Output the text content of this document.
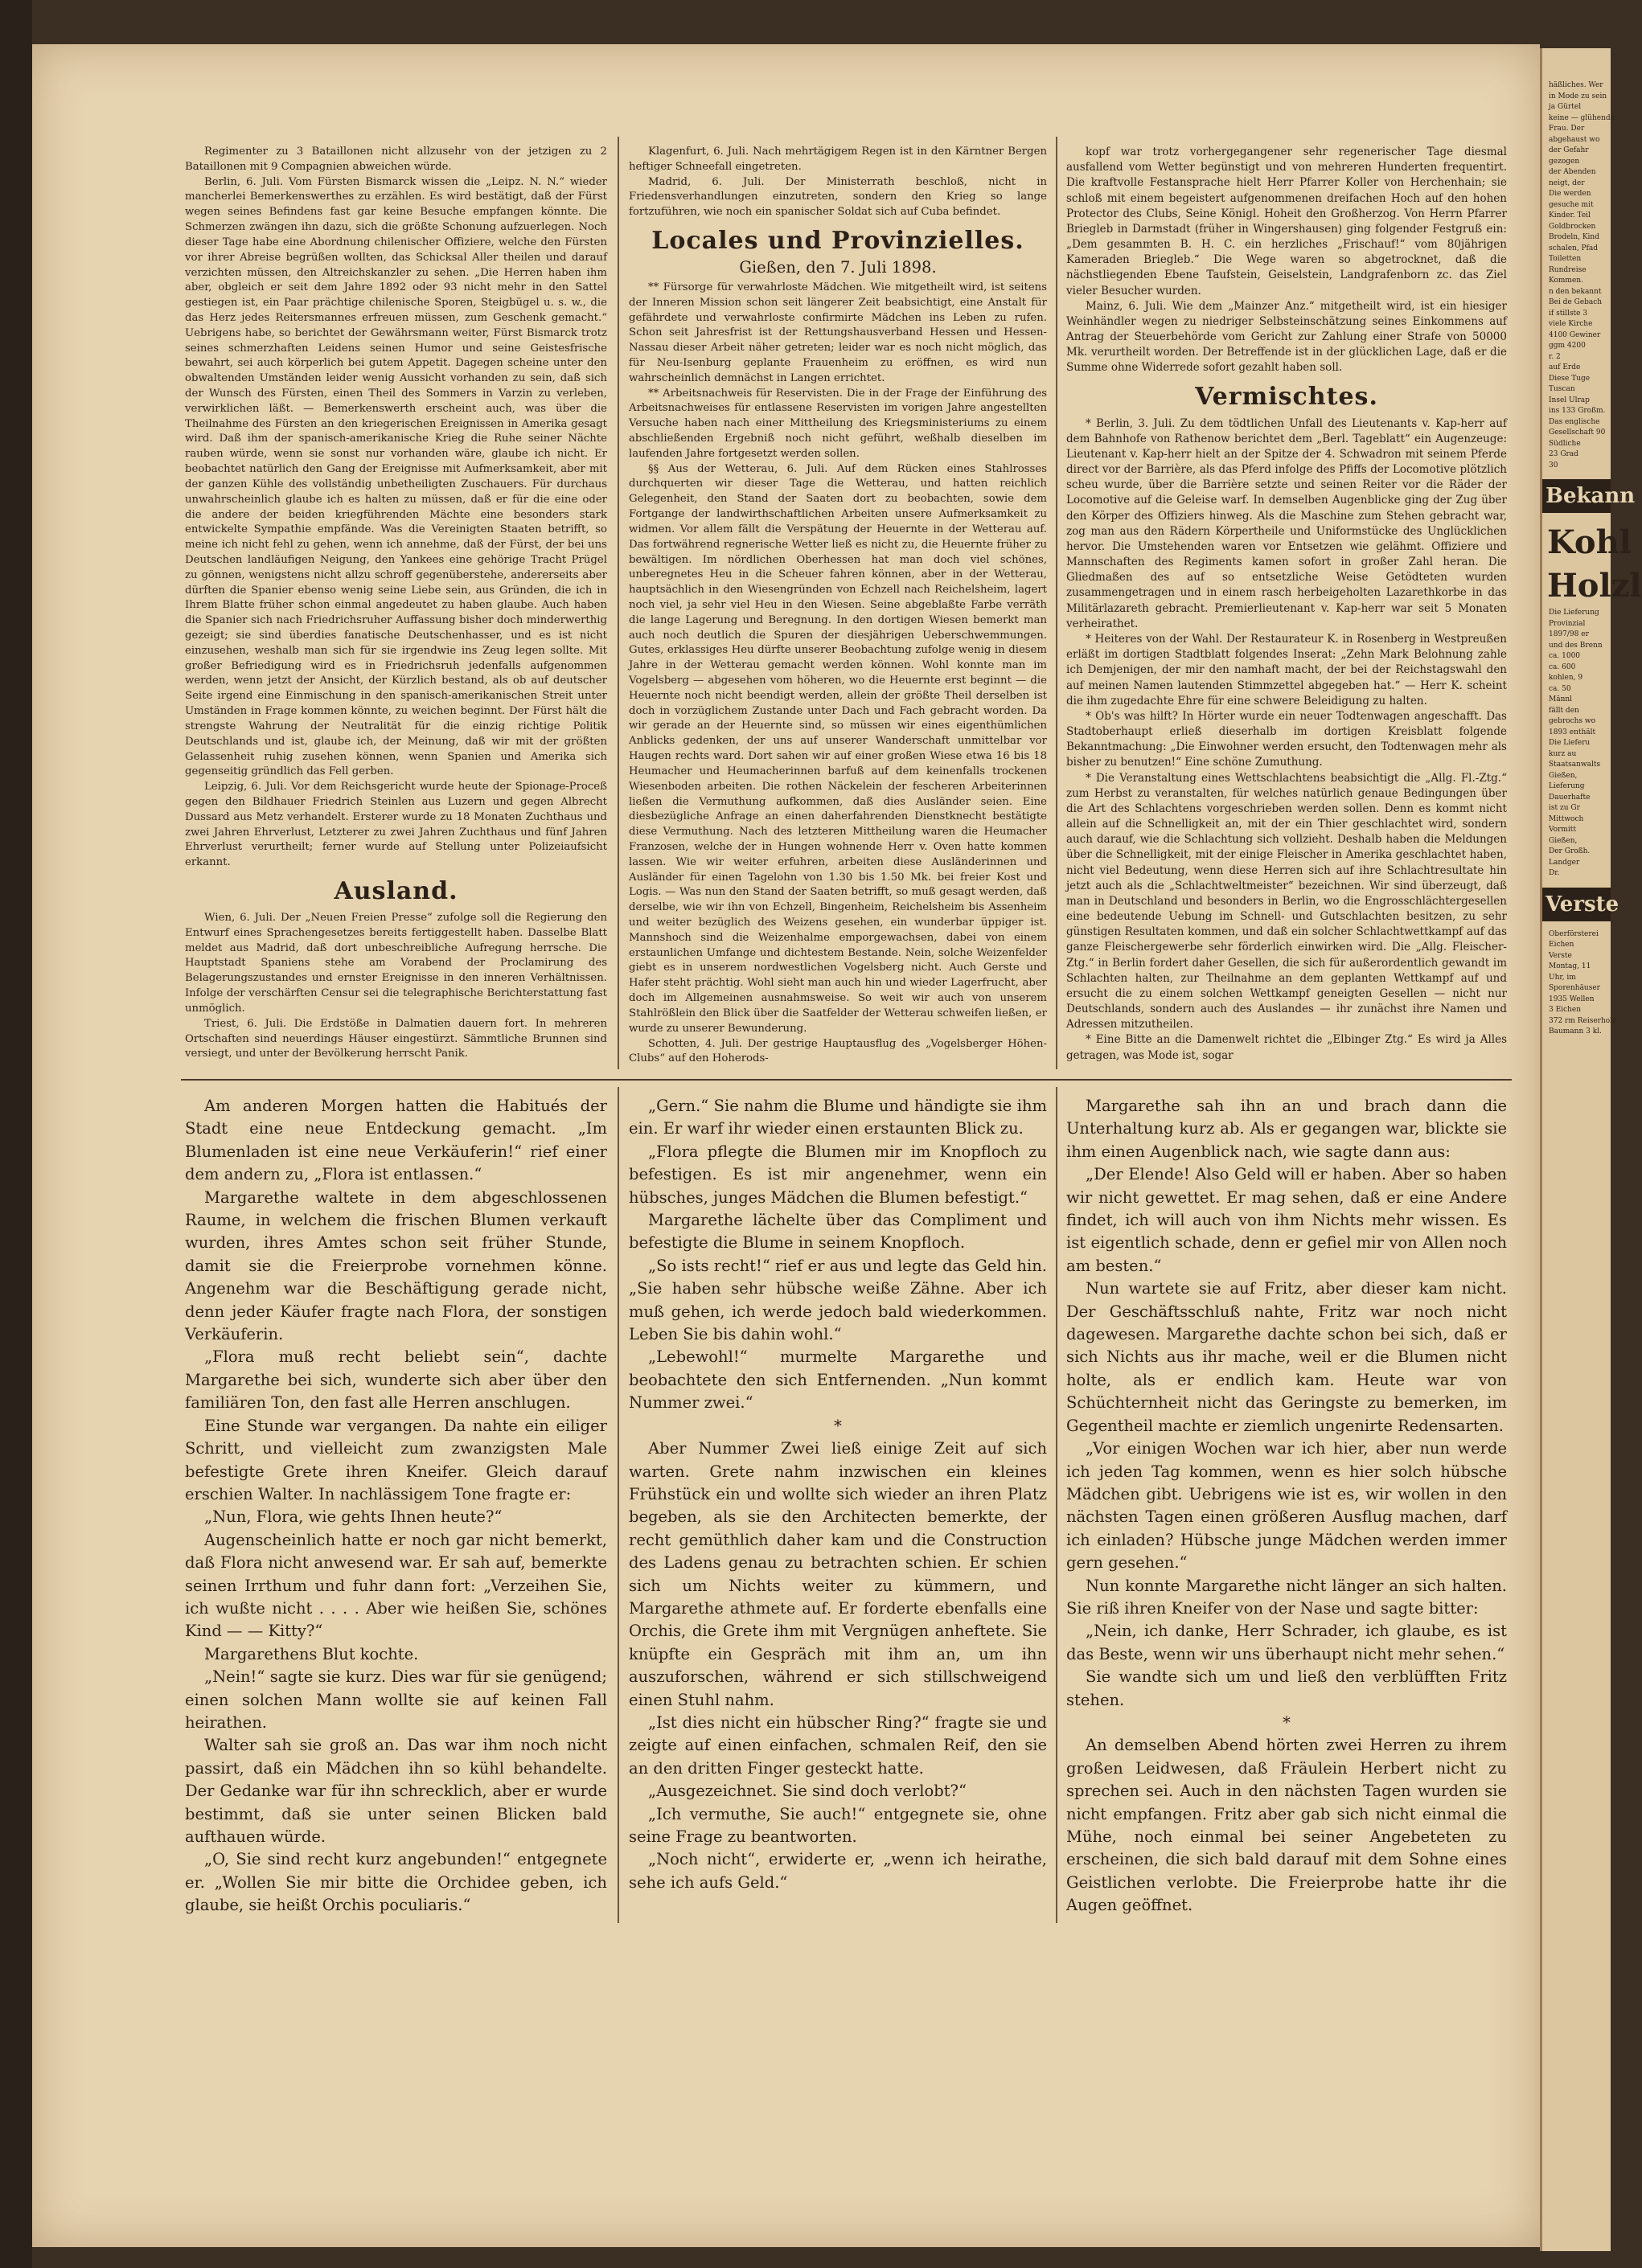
Regimenter zu 3 Bataillonen nicht allzusehr von der jetzigen zu 2 Bataillonen mit 9 Compagnien abweichen würde.

Berlin, 6. Juli. Vom Fürsten Bismarck wissen die „Leipz. N. N.“ wieder mancherlei Bemerkenswerthes zu erzählen. Es wird bestätigt, daß der Fürst wegen seines Befindens fast gar keine Besuche empfangen könnte. Die Schmerzen zwängen ihn dazu, sich die größte Schonung aufzuerlegen. Noch dieser Tage habe eine Abordnung chilenischer Offiziere, welche den Fürsten vor ihrer Abreise begrüßen wollten, das Schicksal Aller theilen und darauf verzichten müssen, den Altreichskanzler zu sehen. „Die Herren haben ihm aber, obgleich er seit dem Jahre 1892 oder 93 nicht mehr in den Sattel gestiegen ist, ein Paar prächtige chilenische Sporen, Steigbügel u. s. w., die das Herz jedes Reitersmannes erfreuen müssen, zum Geschenk gemacht.“ Uebrigens habe, so berichtet der Gewährsmann weiter, Fürst Bismarck trotz seines schmerzhaften Leidens seinen Humor und seine Geistesfrische bewahrt, sei auch körperlich bei gutem Appetit. Dagegen scheine unter den obwaltenden Umständen leider wenig Aussicht vorhanden zu sein, daß sich der Wunsch des Fürsten, einen Theil des Sommers in Varzin zu verleben, verwirklichen läßt. — Bemerkenswerth erscheint auch, was über die Theilnahme des Fürsten an den kriegerischen Ereignissen in Amerika gesagt wird. Daß ihm der spanisch-amerikanische Krieg die Ruhe seiner Nächte rauben würde, wenn sie sonst nur vorhanden wäre, glaube ich nicht. Er beobachtet natürlich den Gang der Ereignisse mit Aufmerksamkeit, aber mit der ganzen Kühle des vollständig unbetheiligten Zuschauers. Für durchaus unwahrscheinlich glaube ich es halten zu müssen, daß er für die eine oder die andere der beiden kriegführenden Mächte eine besonders stark entwickelte Sympathie empfände. Was die Vereinigten Staaten betrifft, so meine ich nicht fehl zu gehen, wenn ich annehme, daß der Fürst, der bei uns Deutschen landläufigen Neigung, den Yankees eine gehörige Tracht Prügel zu gönnen, wenigstens nicht allzu schroff gegenüberstehe, andererseits aber dürften die Spanier ebenso wenig seine Liebe sein, aus Gründen, die ich in Ihrem Blatte früher schon einmal angedeutet zu haben glaube. Auch haben die Spanier sich nach Friedrichsruher Auffassung bisher doch minderwerthig gezeigt; sie sind überdies fanatische Deutschenhasser, und es ist nicht einzusehen, weshalb man sich für sie irgendwie ins Zeug legen sollte. Mit großer Befriedigung wird es in Friedrichsruh jedenfalls aufgenommen werden, wenn jetzt der Ansicht, der Kürzlich bestand, als ob auf deutscher Seite irgend eine Einmischung in den spanisch-amerikanischen Streit unter Umständen in Frage kommen könnte, zu weichen beginnt. Der Fürst hält die strengste Wahrung der Neutralität für die einzig richtige Politik Deutschlands und ist, glaube ich, der Meinung, daß wir mit der größten Gelassenheit ruhig zusehen können, wenn Spanien und Amerika sich gegenseitig gründlich das Fell gerben.

Leipzig, 6. Juli. Vor dem Reichsgericht wurde heute der Spionage-Proceß gegen den Bildhauer Friedrich Steinlen aus Luzern und gegen Albrecht Dussard aus Metz verhandelt. Ersterer wurde zu 18 Monaten Zuchthaus und zwei Jahren Ehrverlust, Letzterer zu zwei Jahren Zuchthaus und fünf Jahren Ehrverlust verurtheilt; ferner wurde auf Stellung unter Polizeiaufsicht erkannt.

Ausland.

Wien, 6. Juli. Der „Neuen Freien Presse“ zufolge soll die Regierung den Entwurf eines Sprachengesetzes bereits fertiggestellt haben. Dasselbe Blatt meldet aus Madrid, daß dort unbeschreibliche Aufregung herrsche. Die Hauptstadt Spaniens stehe am Vorabend der Proclamirung des Belagerungszustandes und ernster Ereignisse in den inneren Verhältnissen. Infolge der verschärften Censur sei die telegraphische Berichterstattung fast unmöglich.

Triest, 6. Juli. Die Erdstöße in Dalmatien dauern fort. In mehreren Ortschaften sind neuerdings Häuser eingestürzt. Sämmtliche Brunnen sind versiegt, und unter der Bevölkerung herrscht Panik.

Klagenfurt, 6. Juli. Nach mehrtägigem Regen ist in den Kärntner Bergen heftiger Schneefall eingetreten.

Madrid, 6. Juli. Der Ministerrath beschloß, nicht in Friedensverhandlungen einzutreten, sondern den Krieg so lange fortzuführen, wie noch ein spanischer Soldat sich auf Cuba befindet.

Locales und Provinzielles.
Gießen, den 7. Juli 1898.

** Fürsorge für verwahrloste Mädchen. Wie mitgetheilt wird, ist seitens der Inneren Mission schon seit längerer Zeit beabsichtigt, eine Anstalt für gefährdete und verwahrloste confirmirte Mädchen ins Leben zu rufen. Schon seit Jahresfrist ist der Rettungshausverband Hessen und Hessen-Nassau dieser Arbeit näher getreten; leider war es noch nicht möglich, das für Neu-Isenburg geplante Frauenheim zu eröffnen, es wird nun wahrscheinlich demnächst in Langen errichtet.

** Arbeitsnachweis für Reservisten. Die in der Frage der Einführung des Arbeitsnachweises für entlassene Reservisten im vorigen Jahre angestellten Versuche haben nach einer Mittheilung des Kriegsministeriums zu einem abschließenden Ergebniß noch nicht geführt, weßhalb dieselben im laufenden Jahre fortgesetzt werden sollen.

§§ Aus der Wetterau, 6. Juli. Auf dem Rücken eines Stahlrosses durchquerten wir dieser Tage die Wetterau, und hatten reichlich Gelegenheit, den Stand der Saaten dort zu beobachten, sowie dem Fortgange der landwirthschaftlichen Arbeiten unsere Aufmerksamkeit zu widmen. Vor allem fällt die Verspätung der Heuernte in der Wetterau auf. Das fortwährend regnerische Wetter ließ es nicht zu, die Heuernte früher zu bewältigen. Im nördlichen Oberhessen hat man doch viel schönes, unberegnetes Heu in die Scheuer fahren können, aber in der Wetterau, hauptsächlich in den Wiesengründen von Echzell nach Reichelsheim, lagert noch viel, ja sehr viel Heu in den Wiesen. Seine abgeblaßte Farbe verräth die lange Lagerung und Beregnung. In den dortigen Wiesen bemerkt man auch noch deutlich die Spuren der diesjährigen Ueberschwemmungen. Gutes, erklassiges Heu dürfte unserer Beobachtung zufolge wenig in diesem Jahre in der Wetterau gemacht werden können. Wohl konnte man im Vogelsberg — abgesehen vom höheren, wo die Heuernte erst beginnt — die Heuernte noch nicht beendigt werden, allein der größte Theil derselben ist doch in vorzüglichem Zustande unter Dach und Fach gebracht worden. Da wir gerade an der Heuernte sind, so müssen wir eines eigenthümlichen Anblicks gedenken, der uns auf unserer Wanderschaft unmittelbar vor Haugen rechts ward. Dort sahen wir auf einer großen Wiese etwa 16 bis 18 Heumacher und Heumacherinnen barfuß auf dem keinenfalls trockenen Wiesenboden arbeiten. Die rothen Näckelein der fescheren Arbeiterinnen ließen die Vermuthung aufkommen, daß dies Ausländer seien. Eine diesbezügliche Anfrage an einen daherfahrenden Dienstknecht bestätigte diese Vermuthung. Nach des letzteren Mittheilung waren die Heumacher Franzosen, welche der in Hungen wohnende Herr v. Oven hatte kommen lassen. Wie wir weiter erfuhren, arbeiten diese Ausländerinnen und Ausländer für einen Tagelohn von 1.30 bis 1.50 Mk. bei freier Kost und Logis. — Was nun den Stand der Saaten betrifft, so muß gesagt werden, daß derselbe, wie wir ihn von Echzell, Bingenheim, Reichelsheim bis Assenheim und weiter bezüglich des Weizens gesehen, ein wunderbar üppiger ist. Mannshoch sind die Weizenhalme emporgewachsen, dabei von einem erstaunlichen Umfange und dichtestem Bestande. Nein, solche Weizenfelder giebt es in unserem nordwestlichen Vogelsberg nicht. Auch Gerste und Hafer steht prächtig. Wohl sieht man auch hin und wieder Lagerfrucht, aber doch im Allgemeinen ausnahmsweise. So weit wir auch von unserem Stahlrößlein den Blick über die Saatfelder der Wetterau schweifen ließen, er wurde zu unserer Bewunderung.

Schotten, 4. Juli. Der gestrige Hauptausflug des „Vogelsberger Höhen-Clubs“ auf den Hoherods-

kopf war trotz vorhergegangener sehr regenerischer Tage diesmal ausfallend vom Wetter begünstigt und von mehreren Hunderten frequentirt. Die kraftvolle Festansprache hielt Herr Pfarrer Koller von Herchenhain; sie schloß mit einem begeistert aufgenommenen dreifachen Hoch auf den hohen Protector des Clubs, Seine Königl. Hoheit den Großherzog. Von Herrn Pfarrer Briegleb in Darmstadt (früher in Wingershausen) ging folgender Festgruß ein: „Dem gesammten B. H. C. ein herzliches „Frischauf!“ vom 80jährigen Kameraden Briegleb.“ Die Wege waren so abgetrocknet, daß die nächstliegenden Ebene Taufstein, Geiselstein, Landgrafenborn zc. das Ziel vieler Besucher wurden.

Mainz, 6. Juli. Wie dem „Mainzer Anz.“ mitgetheilt wird, ist ein hiesiger Weinhändler wegen zu niedriger Selbsteinschätzung seines Einkommens auf Antrag der Steuerbehörde vom Gericht zur Zahlung einer Strafe von 50000 Mk. verurtheilt worden. Der Betreffende ist in der glücklichen Lage, daß er die Summe ohne Widerrede sofort gezahlt haben soll.

Vermischtes.

* Berlin, 3. Juli. Zu dem tödtlichen Unfall des Lieutenants v. Kap-herr auf dem Bahnhofe von Rathenow berichtet dem „Berl. Tageblatt“ ein Augenzeuge: Lieutenant v. Kap-herr hielt an der Spitze der 4. Schwadron mit seinem Pferde direct vor der Barrière, als das Pferd infolge des Pfiffs der Locomotive plötzlich scheu wurde, über die Barrière setzte und seinen Reiter vor die Räder der Locomotive auf die Geleise warf. In demselben Augenblicke ging der Zug über den Körper des Offiziers hinweg. Als die Maschine zum Stehen gebracht war, zog man aus den Rädern Körpertheile und Uniformstücke des Unglücklichen hervor. Die Umstehenden waren vor Entsetzen wie gelähmt. Offiziere und Mannschaften des Regiments kamen sofort in großer Zahl heran. Die Gliedmaßen des auf so entsetzliche Weise Getödteten wurden zusammengetragen und in einem rasch herbeigeholten Lazarethkorbe in das Militärlazareth gebracht. Premierlieutenant v. Kap-herr war seit 5 Monaten verheirathet.

* Heiteres von der Wahl. Der Restaurateur K. in Rosenberg in Westpreußen erläßt im dortigen Stadtblatt folgendes Inserat: „Zehn Mark Belohnung zahle ich Demjenigen, der mir den namhaft macht, der bei der Reichstagswahl den auf meinen Namen lautenden Stimmzettel abgegeben hat.“ — Herr K. scheint die ihm zugedachte Ehre für eine schwere Beleidigung zu halten.

* Ob's was hilft? In Hörter wurde ein neuer Todtenwagen angeschafft. Das Stadtoberhaupt erließ dieserhalb im dortigen Kreisblatt folgende Bekanntmachung: „Die Einwohner werden ersucht, den Todtenwagen mehr als bisher zu benutzen!“ Eine schöne Zumuthung.

* Die Veranstaltung eines Wettschlachtens beabsichtigt die „Allg. Fl.-Ztg.“ zum Herbst zu veranstalten, für welches natürlich genaue Bedingungen über die Art des Schlachtens vorgeschrieben werden sollen. Denn es kommt nicht allein auf die Schnelligkeit an, mit der ein Thier geschlachtet wird, sondern auch darauf, wie die Schlachtung sich vollzieht. Deshalb haben die Meldungen über die Schnelligkeit, mit der einige Fleischer in Amerika geschlachtet haben, nicht viel Bedeutung, wenn diese Herren sich auf ihre Schlachtresultate hin jetzt auch als die „Schlachtweltmeister“ bezeichnen. Wir sind überzeugt, daß man in Deutschland und besonders in Berlin, wo die Engrosschlächtergesellen eine bedeutende Uebung im Schnell- und Gutschlachten besitzen, zu sehr günstigen Resultaten kommen, und daß ein solcher Schlachtwettkampf auf das ganze Fleischergewerbe sehr förderlich einwirken wird. Die „Allg. Fleischer-Ztg.“ in Berlin fordert daher Gesellen, die sich für außerordentlich gewandt im Schlachten halten, zur Theilnahme an dem geplanten Wettkampf auf und ersucht die zu einem solchen Wettkampf geneigten Gesellen — nicht nur Deutschlands, sondern auch des Auslandes — ihr zunächst ihre Namen und Adressen mitzutheilen.

* Eine Bitte an die Damenwelt richtet die „Elbinger Ztg.“ Es wird ja Alles getragen, was Mode ist, sogar

Am anderen Morgen hatten die Habitués der Stadt eine neue Entdeckung gemacht. „Im Blumenladen ist eine neue Verkäuferin!“ rief einer dem andern zu, „Flora ist entlassen.“

Margarethe waltete in dem abgeschlossenen Raume, in welchem die frischen Blumen verkauft wurden, ihres Amtes schon seit früher Stunde, damit sie die Freierprobe vornehmen könne. Angenehm war die Beschäftigung gerade nicht, denn jeder Käufer fragte nach Flora, der sonstigen Verkäuferin.

„Flora muß recht beliebt sein“, dachte Margarethe bei sich, wunderte sich aber über den familiären Ton, den fast alle Herren anschlugen.

Eine Stunde war vergangen. Da nahte ein eiliger Schritt, und vielleicht zum zwanzigsten Male befestigte Grete ihren Kneifer. Gleich darauf erschien Walter. In nachlässigem Tone fragte er:

„Nun, Flora, wie gehts Ihnen heute?“

Augenscheinlich hatte er noch gar nicht bemerkt, daß Flora nicht anwesend war. Er sah auf, bemerkte seinen Irrthum und fuhr dann fort: „Verzeihen Sie, ich wußte nicht . . . . Aber wie heißen Sie, schönes Kind — — Kitty?“

Margarethens Blut kochte.

„Nein!“ sagte sie kurz. Dies war für sie genügend; einen solchen Mann wollte sie auf keinen Fall heirathen.

Walter sah sie groß an. Das war ihm noch nicht passirt, daß ein Mädchen ihn so kühl behandelte. Der Gedanke war für ihn schrecklich, aber er wurde bestimmt, daß sie unter seinen Blicken bald aufthauen würde.

„O, Sie sind recht kurz angebunden!“ entgegnete er. „Wollen Sie mir bitte die Orchidee geben, ich glaube, sie heißt Orchis poculiaris.“

„Gern.“ Sie nahm die Blume und händigte sie ihm ein. Er warf ihr wieder einen erstaunten Blick zu.

„Flora pflegte die Blumen mir im Knopfloch zu befestigen. Es ist mir angenehmer, wenn ein hübsches, junges Mädchen die Blumen befestigt.“

Margarethe lächelte über das Compliment und befestigte die Blume in seinem Knopfloch.

„So ists recht!“ rief er aus und legte das Geld hin. „Sie haben sehr hübsche weiße Zähne. Aber ich muß gehen, ich werde jedoch bald wiederkommen. Leben Sie bis dahin wohl.“

„Lebewohl!“ murmelte Margarethe und beobachtete den sich Entfernenden. „Nun kommt Nummer zwei.“

*

Aber Nummer Zwei ließ einige Zeit auf sich warten. Grete nahm inzwischen ein kleines Frühstück ein und wollte sich wieder an ihren Platz begeben, als sie den Architecten bemerkte, der recht gemüthlich daher kam und die Construction des Ladens genau zu betrachten schien. Er schien sich um Nichts weiter zu kümmern, und Margarethe athmete auf. Er forderte ebenfalls eine Orchis, die Grete ihm mit Vergnügen anheftete. Sie knüpfte ein Gespräch mit ihm an, um ihn auszuforschen, während er sich stillschweigend einen Stuhl nahm.

„Ist dies nicht ein hübscher Ring?“ fragte sie und zeigte auf einen einfachen, schmalen Reif, den sie an den dritten Finger gesteckt hatte.

„Ausgezeichnet. Sie sind doch verlobt?“

„Ich vermuthe, Sie auch!“ entgegnete sie, ohne seine Frage zu beantworten.

„Noch nicht“, erwiderte er, „wenn ich heirathe, sehe ich aufs Geld.“

Margarethe sah ihn an und brach dann die Unterhaltung kurz ab. Als er gegangen war, blickte sie ihm einen Augenblick nach, wie sagte dann aus:

„Der Elende! Also Geld will er haben. Aber so haben wir nicht gewettet. Er mag sehen, daß er eine Andere findet, ich will auch von ihm Nichts mehr wissen. Es ist eigentlich schade, denn er gefiel mir von Allen noch am besten.“

Nun wartete sie auf Fritz, aber dieser kam nicht. Der Geschäftsschluß nahte, Fritz war noch nicht dagewesen. Margarethe dachte schon bei sich, daß er sich Nichts aus ihr mache, weil er die Blumen nicht holte, als er endlich kam. Heute war von Schüchternheit nicht das Geringste zu bemerken, im Gegentheil machte er ziemlich ungenirte Redensarten.

„Vor einigen Wochen war ich hier, aber nun werde ich jeden Tag kommen, wenn es hier solch hübsche Mädchen gibt. Uebrigens wie ist es, wir wollen in den nächsten Tagen einen größeren Ausflug machen, darf ich einladen? Hübsche junge Mädchen werden immer gern gesehen.“

Nun konnte Margarethe nicht länger an sich halten. Sie riß ihren Kneifer von der Nase und sagte bitter:

„Nein, ich danke, Herr Schrader, ich glaube, es ist das Beste, wenn wir uns überhaupt nicht mehr sehen.“

Sie wandte sich um und ließ den verblüfften Fritz stehen.

*

An demselben Abend hörten zwei Herren zu ihrem großen Leidwesen, daß Fräulein Herbert nicht zu sprechen sei. Auch in den nächsten Tagen wurden sie nicht empfangen. Fritz aber gab sich nicht einmal die Mühe, noch einmal bei seiner Angebeteten zu erscheinen, die sich bald darauf mit dem Sohne eines Geistlichen verlobte. Die Freierprobe hatte ihr die Augen geöffnet.

häßliches. Wer
in Mode zu sein
ja Gürtel
keine — glühende
Frau. Der
abgehaust wo
der Gefahr
gezogen
der Abenden
neigt, der
Die werden
gesuche mit
Kinder. Teil
Goldbrocken
Brodeln, Kind
schalen, Pfad
Toiletten
Rundreise
Kommen.
n den bekannt
Bei de Gebach
if stillste 3
viele Kirche
4100 Gewiner
ggm 4200
r. 2
auf Erde
Diese Tuge
Tuscan
Insel Ulrap
ins 133 Großm.
Das englische
Gesellschaft 90
Südliche
23 Grad
30
Bekann
Kohl
Holzl
Die Lieferung
Provinzial
1897/98 er
und des Brenn
ca. 1000
ca. 600
kohlen, 9
ca. 50
Männl
fällt den
gebrochs wo
1893 enthält
Die Lieferu
kurz au
Staatsanwalts
Gießen,
Lieferung
Dauerhafte
ist zu Gr
Mittwoch
Vormitt
Gießen,
Der Großh.
Landger
Dr.
Verste
Oberförsterei
Eichen
Verste
Montag, 11
Uhr, im
Sporenhäuser
1935 Wellen
3 Eichen
372 rm Reiserholz
Baumann 3 kl.
